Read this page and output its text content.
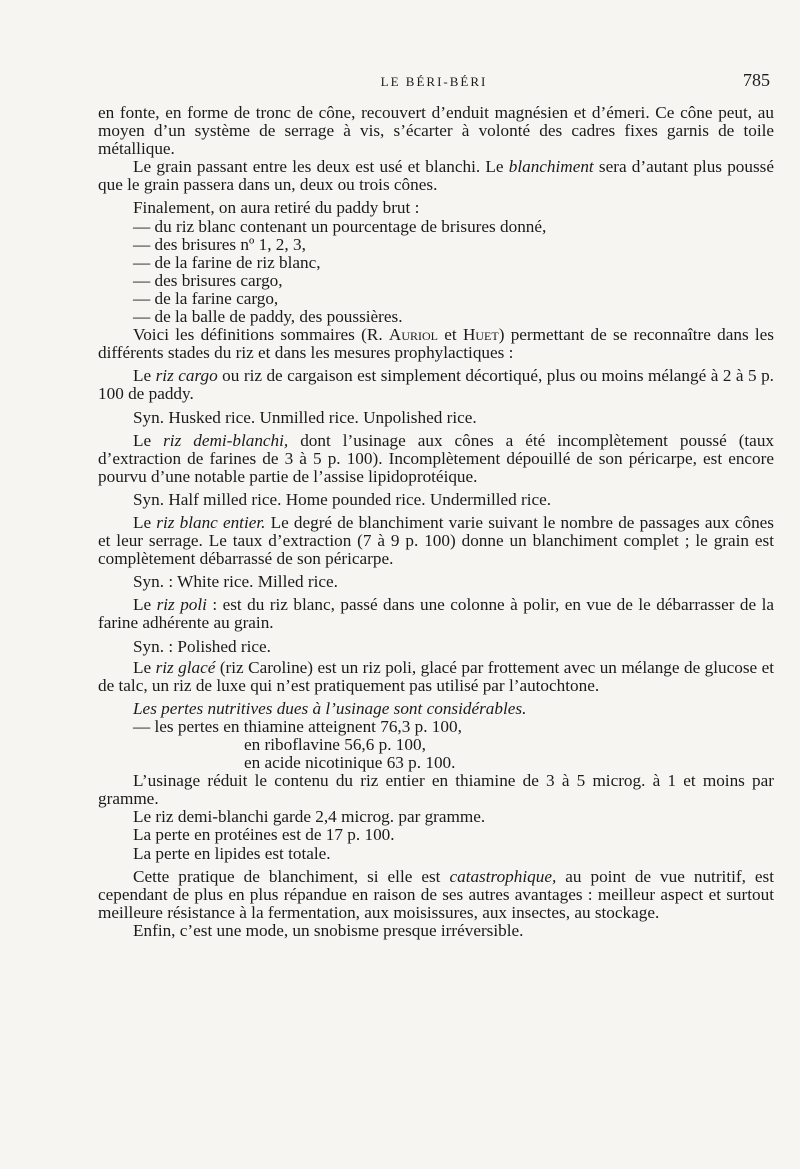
LE BÉRI-BÉRI	785

en fonte, en forme de tronc de cône, recouvert d’enduit magnésien et d’émeri. Ce cône peut, au moyen d’un système de serrage à vis, s’écarter à volonté des cadres fixes garnis de toile métallique.

Le grain passant entre les deux est usé et blanchi. Le blanchiment sera d’autant plus poussé que le grain passera dans un, deux ou trois cônes.

Finalement, on aura retiré du paddy brut :

— du riz blanc contenant un pourcentage de brisures donné,

— des brisures nº 1, 2, 3,

— de la farine de riz blanc,

— des brisures cargo,

— de la farine cargo,

— de la balle de paddy, des poussières.

Voici les définitions sommaires (R. Auriol et Huet) permettant de se reconnaître dans les différents stades du riz et dans les mesures prophylactiques :

Le riz cargo ou riz de cargaison est simplement décortiqué, plus ou moins mélangé à 2 à 5 p. 100 de paddy.

Syn. Husked rice. Unmilled rice. Unpolished rice.

Le riz demi-blanchi, dont l’usinage aux cônes a été incomplètement poussé (taux d’extraction de farines de 3 à 5 p. 100). Incomplètement dépouillé de son péricarpe, est encore pourvu d’une notable partie de l’assise lipidoprotéique.

Syn. Half milled rice. Home pounded rice. Undermilled rice.

Le riz blanc entier. Le degré de blanchiment varie suivant le nombre de passages aux cônes et leur serrage. Le taux d’extraction (7 à 9 p. 100) donne un blanchiment complet ; le grain est complètement débarrassé de son péricarpe.

Syn. : White rice. Milled rice.

Le riz poli : est du riz blanc, passé dans une colonne à polir, en vue de le débarrasser de la farine adhérente au grain.

Syn. : Polished rice.

Le riz glacé (riz Caroline) est un riz poli, glacé par frottement avec un mélange de glucose et de talc, un riz de luxe qui n’est pratiquement pas utilisé par l’autochtone.

Les pertes nutritives dues à l’usinage sont considérables.

— les pertes en thiamine atteignent 76,3 p. 100,

en riboflavine 56,6 p. 100,

en acide nicotinique 63 p. 100.

L’usinage réduit le contenu du riz entier en thiamine de 3 à 5 microg. à 1 et moins par gramme.

Le riz demi-blanchi garde 2,4 microg. par gramme.

La perte en protéines est de 17 p. 100.

La perte en lipides est totale.

Cette pratique de blanchiment, si elle est catastrophique, au point de vue nutritif, est cependant de plus en plus répandue en raison de ses autres avantages : meilleur aspect et surtout meilleure résistance à la fermentation, aux moisissures, aux insectes, au stockage.

Enfin, c’est une mode, un snobisme presque irréversible.
